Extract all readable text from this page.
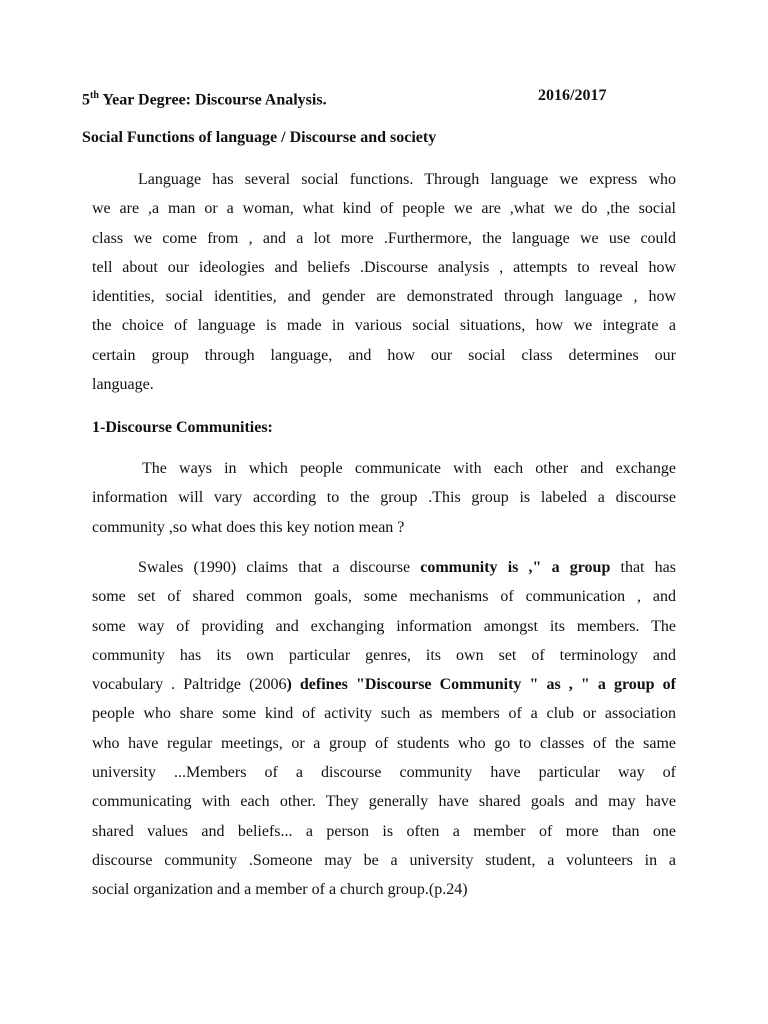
5th Year Degree: Discourse Analysis.	2016/2017
Social Functions of language / Discourse and society
Language has several social functions. Through language we express who
we are ,a man or a woman, what kind of people we are ,what we do ,the social
class we come from , and a lot more .Furthermore, the language we use could
tell about our ideologies and beliefs .Discourse analysis , attempts to reveal how
identities, social identities, and gender are demonstrated through language , how
the choice of language is made in various social situations, how we integrate a
certain group through language, and how our social class determines our
language.
1-Discourse Communities:
The ways in which people communicate with each other and exchange
information will vary according to the group .This group is labeled a discourse
community ,so what does this key notion mean ?
Swales (1990) claims that a discourse community is ," a group that has
some set of shared common goals, some mechanisms of communication , and
some way of providing and exchanging information amongst its members. The
community has its own particular genres, its own set of terminology and
vocabulary . Paltridge (2006) defines "Discourse Community " as , " a group of
people who share some kind of activity such as members of a club or association
who have regular meetings, or a group of students who go to classes of the same
university ...Members of a discourse community have particular way of
communicating with each other. They generally have shared goals and may have
shared values and beliefs... a person is often a member of more than one
discourse community .Someone may be a university student, a volunteers in a
social organization and a member of a church group.(p.24)
